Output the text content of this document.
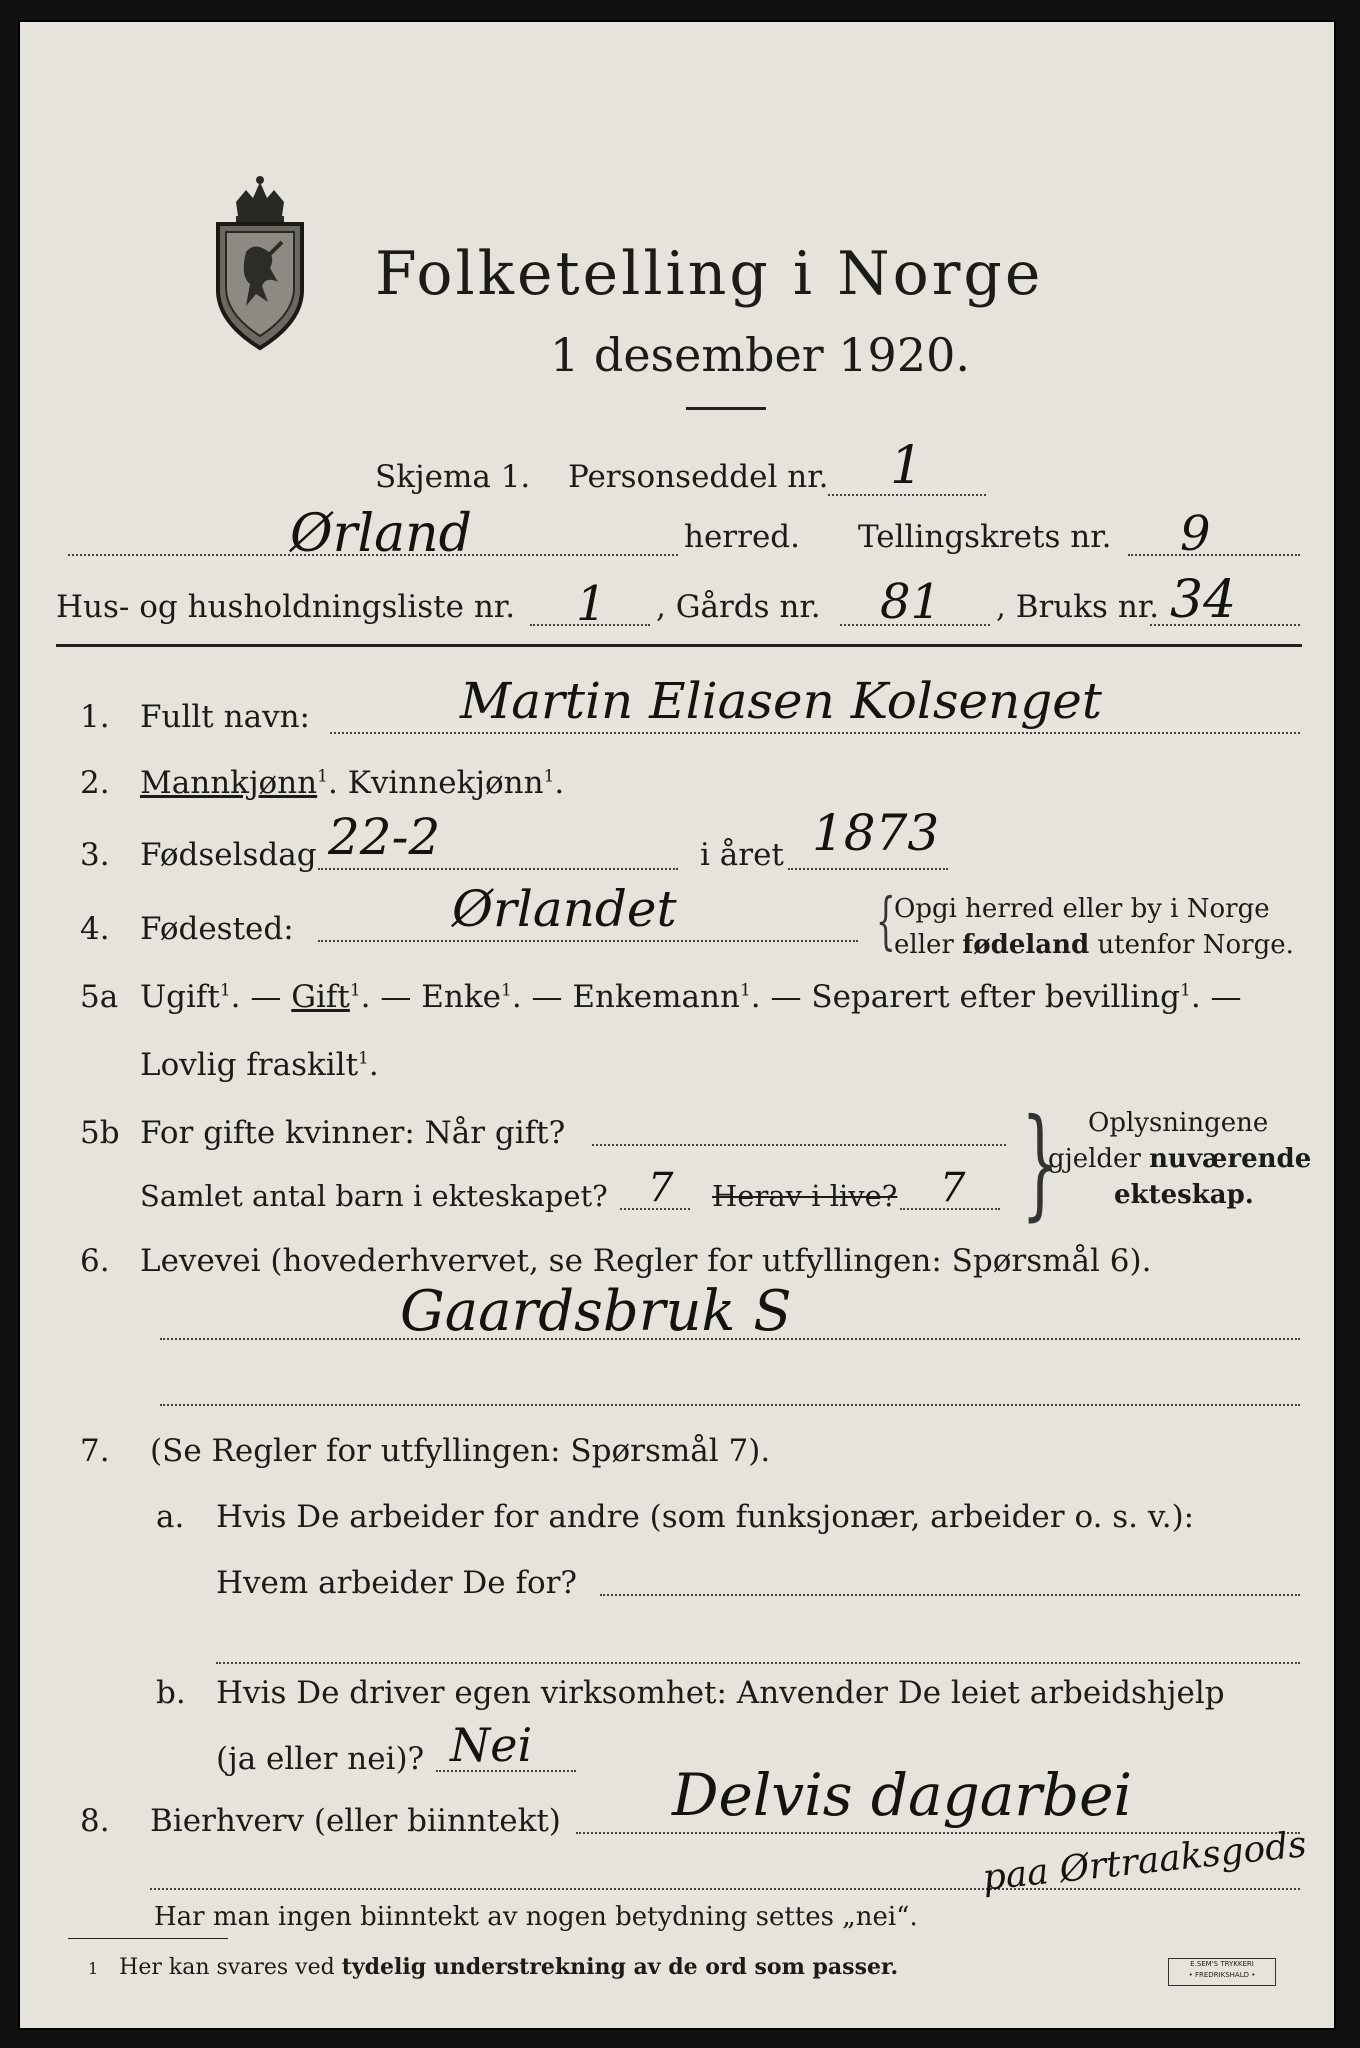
Folketelling i Norge
1 desember 1920.
Skjema 1. Personseddel nr. 1
Ørland	herred. Tellingskrets nr. 9
Hus- og husholdningsliste nr. 1 , Gårds nr. 81 , Bruks nr. 34
1. Fullt navn:	Martin Eliasen Kolsenget
2. Mannkjønn$^1$. Kvinnekjønn$^1$.
3. Fødselsdag 22-2	i året 1873
4. Fødested:	Ørlandet	{
Opgi herred eller by i Norge
eller fødeland utenfor Norge.
5a Ugift$^1$. — Gift$^1$. — Enke$^1$. — Enkemann$^1$. — Separert efter bevilling$^1$. —
Lovlig fraskilt$^1$.
5b For gifte kvinner: Når gift?
Samlet antal barn i ekteskapet? 7 Herav i live? 7 } Oplysningene
gjelder nuværende
ekteskap.
6. Levevei (hovederhvervet, se Regler for utfyllingen: Spørsmål 6).
Gaardsbruk S
7. (Se Regler for utfyllingen: Spørsmål 7).
a. Hvis De arbeider for andre (som funksjonær, arbeider o. s. v.):
Hvem arbeider De for?
b. Hvis De driver egen virksomhet: Anvender De leiet arbeidshjelp
(ja eller nei)? Nei
8. Bierhverv (eller biinntekt) Delvis dagarbei
paa Ørtraaksgods
Har man ingen biinntekt av nogen betydning settes „nei“.
1 Her kan svares ved tydelig understrekning av de ord som passer.	E.SEM'S TRYKKERI
• FREDRIKSHALD •
